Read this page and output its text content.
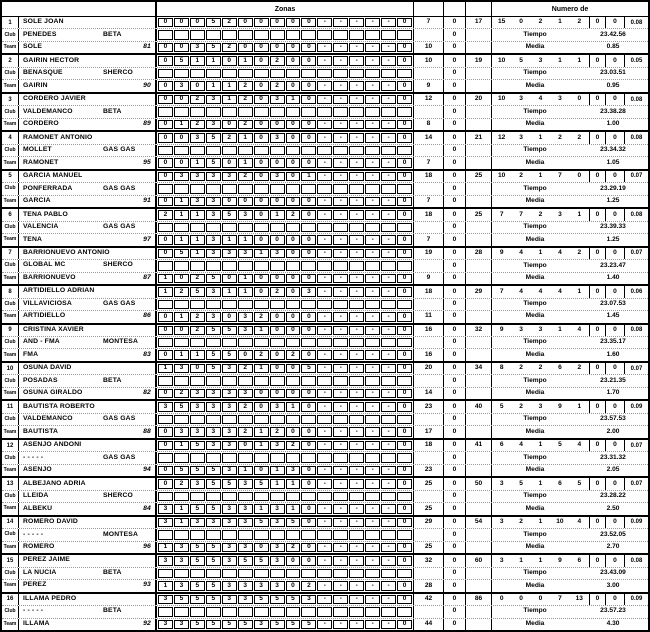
Zonas	Numero de
1	SOLE JOAN	0	0	0	5	2	0	0	0	0	0	-	-	-	-	-	0	7	0	17	15	0	2	1	2	0	0	0.08
Club	PENEDES	BETA	0	Tiempo	23.42.56
Team SOLE	81	0	0	3	5	2	0	0	0	0	0	-	-	-	-	-	0	10	0	Media	0.85
2	GAIRIN HECTOR	0	5	1	1	0	1	0	2	0	0	-	-	-	-	-	0	10	0	19	10	5	3	1	1	0	0	0.05
Club	BENASQUE	SHERCO	0	Tiempo	23.03.51
Team GAIRIN	90	0	3	0	1	1	2	0	2	0	0	-	-	-	-	-	0	9	0	Media	0.95
3	CORDERO JAVIER	0	0	2	3	1	2	0	3	1	0	-	-	-	-	-	0	12	0	20	10	3	4	3	0	0	0	0.08
Club	VALDEMANCO	BETA	0	Tiempo	23.38.28
Team CORDERO	89	0	1	2	3	0	2	0	0	0	0	-	-	-	-	-	0	8	0	Media	1.00
4	RAMONET ANTONIO	0	0	3	5	2	1	0	3	0	0	-	-	-	-	-	0	14	0	21	12	3	1	2	2	0	0	0.08
Club	MOLLET	GAS GAS	0	Tiempo	23.34.32
Team RAMONET	95	0	0	1	5	0	1	0	0	0	0	-	-	-	-	-	0	7	0	Media	1.05
5	GARCIA MANUEL	0	3	3	3	3	2	0	3	0	1	-	-	-	-	-	0	18	0	25	10	2	1	7	0	0	0	0.07
Club	PONFERRADA	GAS GAS	0	Tiempo	23.29.19
Team GARCIA	91	0	1	3	3	0	0	0	0	0	0	-	-	-	-	-	0	7	0	Media	1.25
6	TENA PABLO	2	1	1	3	5	3	0	1	2	0	-	-	-	-	-	0	18	0	25	7	7	2	3	1	0	0	0.08
Club	VALENCIA	GAS GAS	0	Tiempo	23.39.33
Team TENA	97	0	1	1	3	1	1	0	0	0	0	-	-	-	-	-	0	7	0	Media	1.25
7	BARRIONUEVO ANTONIO	0	5	1	3	3	3	1	3	0	0	-	-	-	-	-	0	19	0	28	9	4	1	4	2	0	0	0.07
Club	GLOBAL MC	SHERCO	0	Tiempo	23.23.47
Team BARRIONUEVO	87	1	0	2	5	0	1	0	0	0	0	-	-	-	-	-	0	9	0	Media	1.40
8	ARTIDIELLO ADRIAN	1	2	5	3	1	1	0	2	0	3	-	-	-	-	-	0	18	0	29	7	4	4	4	1	0	0	0.06
Club	VILLAVICIOSA	GAS GAS	0	Tiempo	23.07.53
Team ARTIDIELLO	86	0	1	2	3	0	3	2	0	0	0	-	-	-	-	-	0	11	0	Media	1.45
9	CRISTINA XAVIER	0	0	2	5	5	3	1	0	0	0	-	-	-	-	-	0	16	0	32	9	3	3	1	4	0	0	0.08
Club	AND - FMA	MONTESA	0	Tiempo	23.35.17
Team FMA	83	0	1	1	5	5	0	2	0	2	0	-	-	-	-	-	0	16	0	Media	1.60
10	OSUNA DAVID	1	3	0	5	3	2	1	0	0	5	-	-	-	-	-	0	20	0	34	8	2	2	6	2	0	0	0.07
Club	POSADAS	BETA	0	Tiempo	23.21.35
Team OSUNA GIRALDO	82	0	2	3	3	3	3	0	0	0	0	-	-	-	-	-	0	14	0	Media	1.70
11	BAUTISTA ROBERTO	3	5	3	3	3	2	0	3	1	0	-	-	-	-	-	0	23	0	40	5	2	3	9	1	0	0	0.09
Club	VALDEMANCO	GAS GAS	0	Tiempo	23.57.53
Team BAUTISTA	88	0	3	3	3	3	2	1	2	0	0	-	-	-	-	-	0	17	0	Media	2.00
12	ASENJO ANDONI	0	1	5	3	3	0	1	3	2	0	-	-	-	-	-	0	18	0	41	6	4	1	5	4	0	0	0.07
Club	- - - - -	GAS GAS	0	Tiempo	23.31.32
Team ASENJO	94	0	5	5	5	3	1	0	1	3	0	-	-	-	-	-	0	23	0	Media	2.05
13	ALBEJANO ADRIA	0	2	3	5	5	3	5	1	1	0	-	-	-	-	-	0	25	0	50	3	5	1	6	5	0	0	0.07
Club	LLEIDA	SHERCO	0	Tiempo	23.28.22
Team ALBEKU	84	3	1	5	5	3	3	1	3	1	0	-	-	-	-	-	0	25	0	Media	2.50
14	ROMERO DAVID	3	1	3	3	3	3	5	3	5	0	-	-	-	-	-	0	29	0	54	3	2	1	10	4	0	0	0.09
Club	- - - - -	MONTESA	0	Tiempo	23.52.05
Team ROMERO	96	1	3	5	5	3	3	0	3	2	0	-	-	-	-	-	0	25	0	Media	2.70
15	PEREZ JAIME	3	3	5	5	3	5	5	3	0	0	-	-	-	-	-	0	32	0	60	3	1	1	9	6	0	0	0.08
Club	LA NUCIA	BETA	0	Tiempo	23.43.09
Team PEREZ	93	1	3	5	5	3	3	3	3	0	2	-	-	-	-	-	0	28	0	Media	3.00
16	ILLAMA PEDRO	3	5	5	5	3	3	5	5	5	3	-	-	-	-	-	0	42	0	86	0	0	0	7	13	0	0	0.09
Club	- - - - -	BETA	0	Tiempo	23.57.23
Team ILLAMA	92	3	3	5	5	5	5	3	5	5	5	-	-	-	-	-	0	44	0	Media	4.30
